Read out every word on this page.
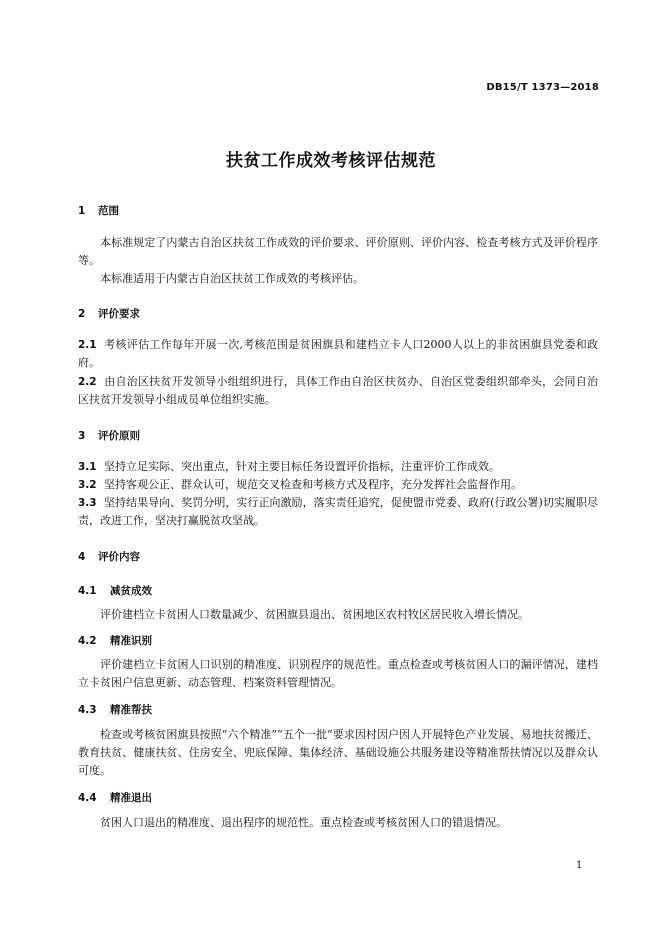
DB15/T 1373—2018
扶贫工作成效考核评估规范
1 范围
本标准规定了内蒙古自治区扶贫工作成效的评价要求、评价原则、评价内容、检查考核方式及评价程序等。
本标准适用于内蒙古自治区扶贫工作成效的考核评估。
2 评价要求
2.1 考核评估工作每年开展一次,考核范围是贫困旗县和建档立卡人口2000人以上的非贫困旗县党委和政府。
2.2 由自治区扶贫开发领导小组组织进行，具体工作由自治区扶贫办、自治区党委组织部牵头，会同自治区扶贫开发领导小组成员单位组织实施。
3 评价原则
3.1 坚持立足实际、突出重点，针对主要目标任务设置评价指标，注重评价工作成效。
3.2 坚持客观公正、群众认可，规范交叉检查和考核方式及程序，充分发挥社会监督作用。
3.3 坚持结果导向、奖罚分明，实行正向激励，落实责任追究，促使盟市党委、政府(行政公署)切实履职尽责，改进工作，坚决打赢脱贫攻坚战。
4 评价内容
4.1 减贫成效
评价建档立卡贫困人口数量减少、贫困旗县退出、贫困地区农村牧区居民收入增长情况。
4.2 精准识别
评价建档立卡贫困人口识别的精准度、识别程序的规范性。重点检查或考核贫困人口的漏评情况，建档立卡贫困户信息更新、动态管理、档案资料管理情况。
4.3 精准帮扶
检查或考核贫困旗县按照“六个精准”“五个一批”要求因村因户因人开展特色产业发展、易地扶贫搬迁、教育扶贫、健康扶贫、住房安全、兜底保障、集体经济、基础设施公共服务建设等精准帮扶情况以及群众认可度。
4.4 精准退出
贫困人口退出的精准度、退出程序的规范性。重点检查或考核贫困人口的错退情况。
1
